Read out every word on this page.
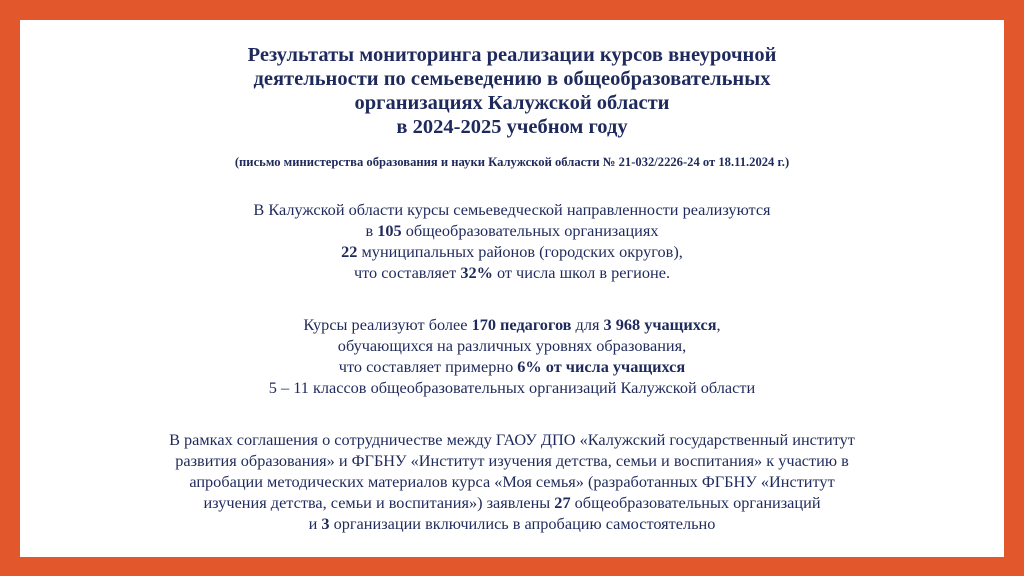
Результаты мониторинга реализации курсов внеурочной
деятельности по семьеведению в общеобразовательных
организациях Калужской области
в 2024-2025 учебном году

(письмо министерства образования и науки Калужской области № 21-032/2226-24 от 18.11.2024 г.)

В Калужской области курсы семьеведческой направленности реализуются
в 105 общеобразовательных организациях
22 муниципальных районов (городских округов),
что составляет 32% от числа школ в регионе.
Курсы реализуют более 170 педагогов для 3 968 учащихся,
обучающихся на различных уровнях образования,
что составляет примерно 6% от числа учащихся
5 – 11 классов общеобразовательных организаций Калужской области
В рамках соглашения о сотрудничестве между ГАОУ ДПО «Калужский государственный институт
развития образования» и ФГБНУ «Институт изучения детства, семьи и воспитания» к участию в
апробации методических материалов курса «Моя семья» (разработанных ФГБНУ «Институт
изучения детства, семьи и воспитания») заявлены 27 общеобразовательных организаций
и 3 организации включились в апробацию самостоятельно
